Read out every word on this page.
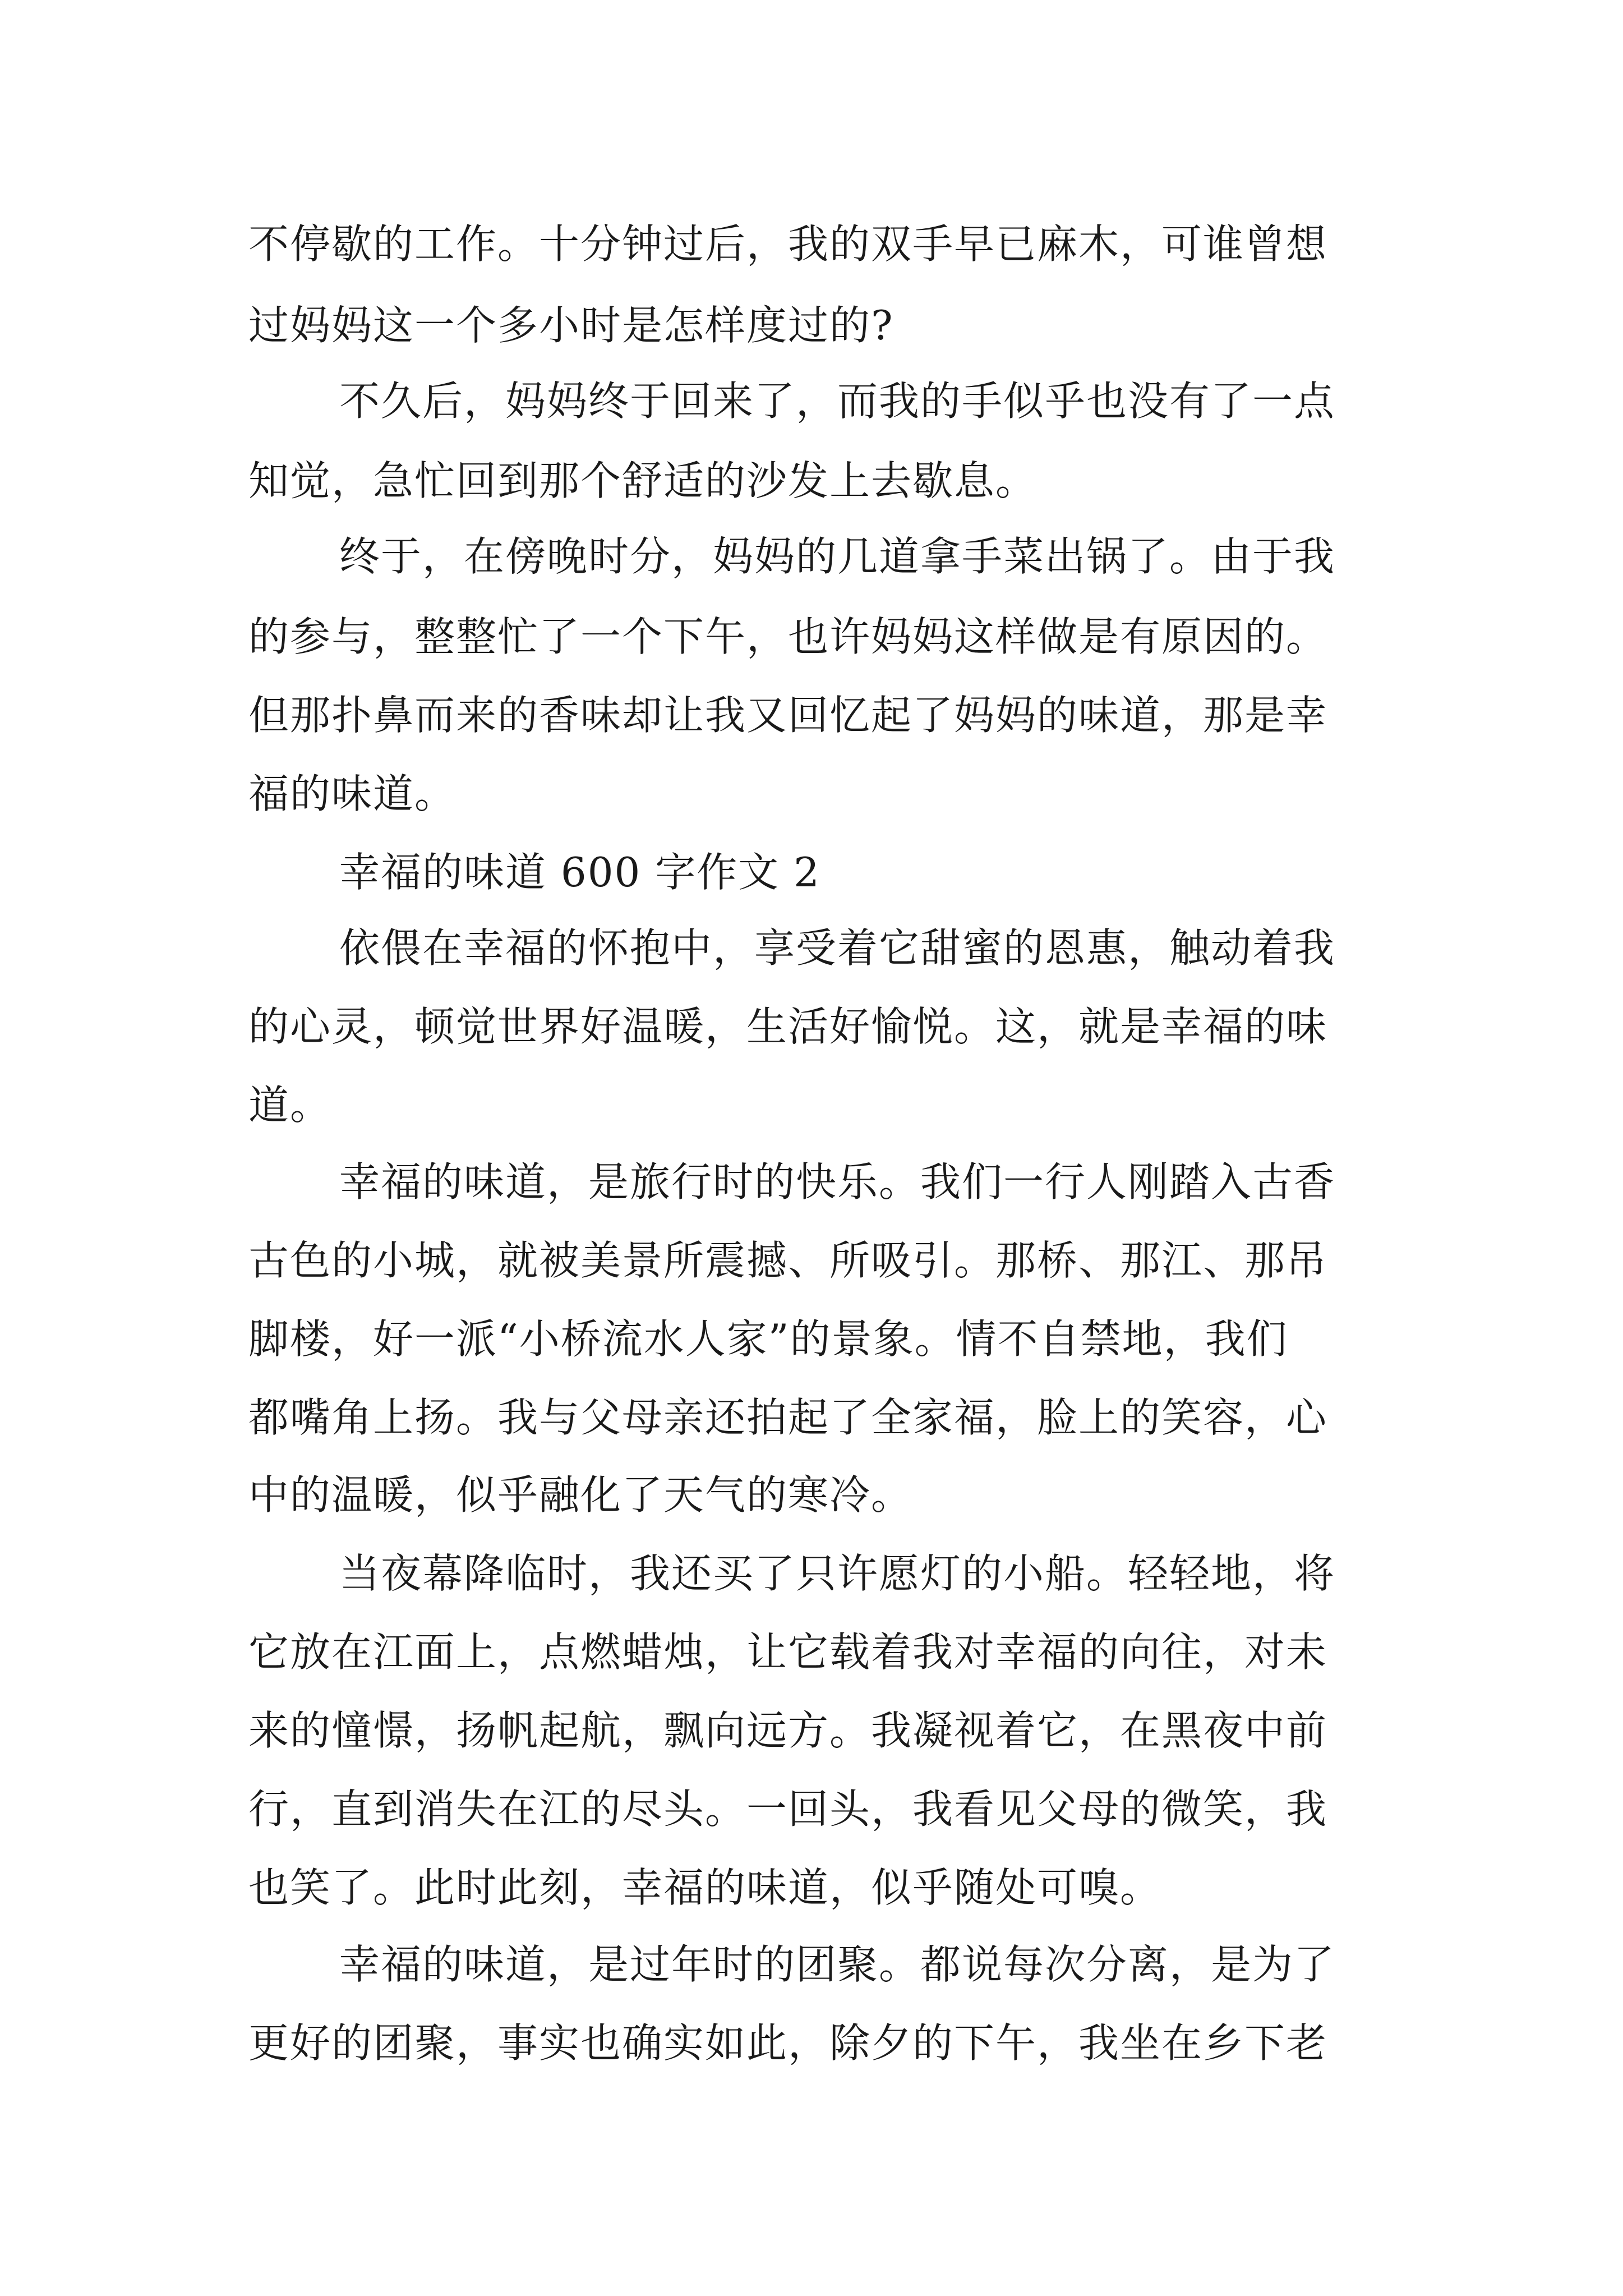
不停歇的工作。十分钟过后，我的双手早已麻木，可谁曾想
过妈妈这一个多小时是怎样度过的?
不久后，妈妈终于回来了，而我的手似乎也没有了一点
知觉，急忙回到那个舒适的沙发上去歇息。
终于，在傍晚时分，妈妈的几道拿手菜出锅了。由于我
的参与，整整忙了一个下午，也许妈妈这样做是有原因的。
但那扑鼻而来的香味却让我又回忆起了妈妈的味道，那是幸
福的味道。
幸福的味道 600 字作文 2
依偎在幸福的怀抱中，享受着它甜蜜的恩惠，触动着我
的心灵，顿觉世界好温暖，生活好愉悦。这，就是幸福的味
道。
幸福的味道，是旅行时的快乐。我们一行人刚踏入古香
古色的小城，就被美景所震撼、所吸引。那桥、那江、那吊
脚楼，好一派“小桥流水人家”的景象。情不自禁地，我们
都嘴角上扬。我与父母亲还拍起了全家福，脸上的笑容，心
中的温暖，似乎融化了天气的寒冷。
当夜幕降临时，我还买了只许愿灯的小船。轻轻地，将
它放在江面上，点燃蜡烛，让它载着我对幸福的向往，对未
来的憧憬，扬帆起航，飘向远方。我凝视着它，在黑夜中前
行，直到消失在江的尽头。一回头，我看见父母的微笑，我
也笑了。此时此刻，幸福的味道，似乎随处可嗅。
幸福的味道，是过年时的团聚。都说每次分离，是为了
更好的团聚，事实也确实如此，除夕的下午，我坐在乡下老
